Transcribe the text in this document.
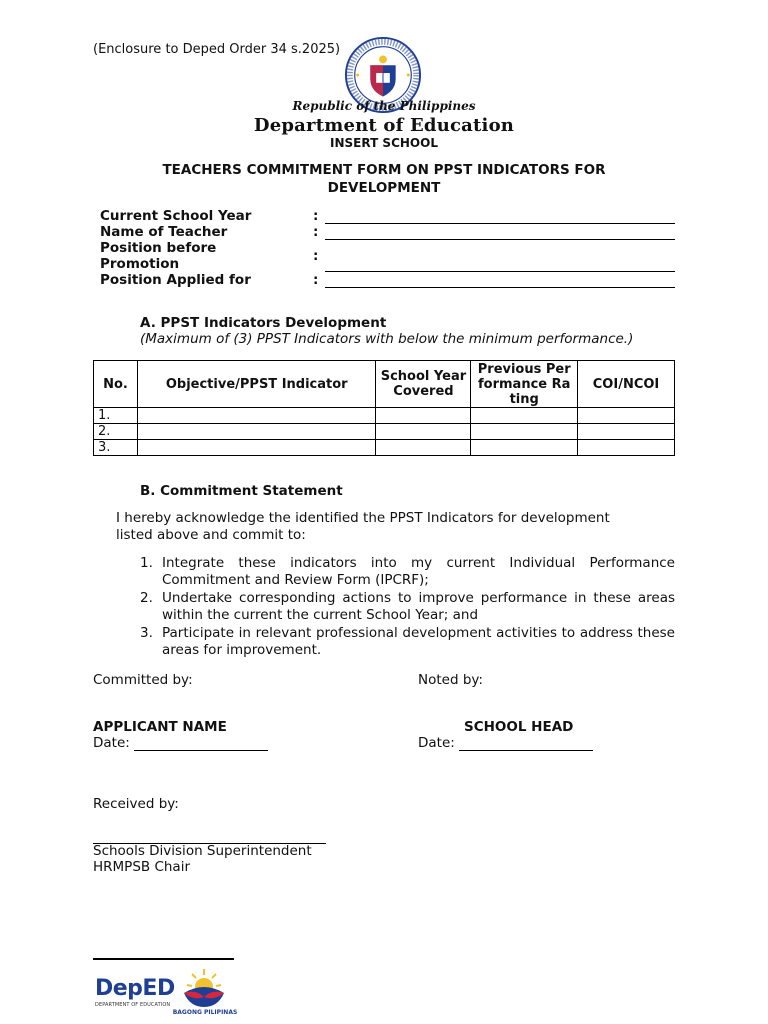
(Enclosure to Deped Order 34 s.2025)
Republic of the Philippines
Department of Education
INSERT SCHOOL
TEACHERS COMMITMENT FORM ON PPST INDICATORS FOR DEVELOPMENT
Current School Year	:
Name of Teacher	:
Position before Promotion	:
Position Applied for	:
A. PPST Indicators Development
(Maximum of (3) PPST Indicators with below the minimum performance.)
No.	Objective/PPST Indicator	School Year Covered	Previous Performance Rating	COI/NCOI
1.				
2.				
3.				
B. Commitment Statement
I hereby acknowledge the identified the PPST Indicators for development listed above and commit to:
1. Integrate these indicators into my current Individual Performance Commitment and Review Form (IPCRF);
2. Undertake corresponding actions to improve performance in these areas within the current the current School Year; and
3. Participate in relevant professional development activities to address these areas for improvement.
Committed by:	Noted by:
APPLICANT NAME	SCHOOL HEAD
Date:	Date:
Received by:
Schools Division Superintendent
HRMPSB Chair
DepED
DEPARTMENT OF EDUCATION
BAGONG PILIPINAS
